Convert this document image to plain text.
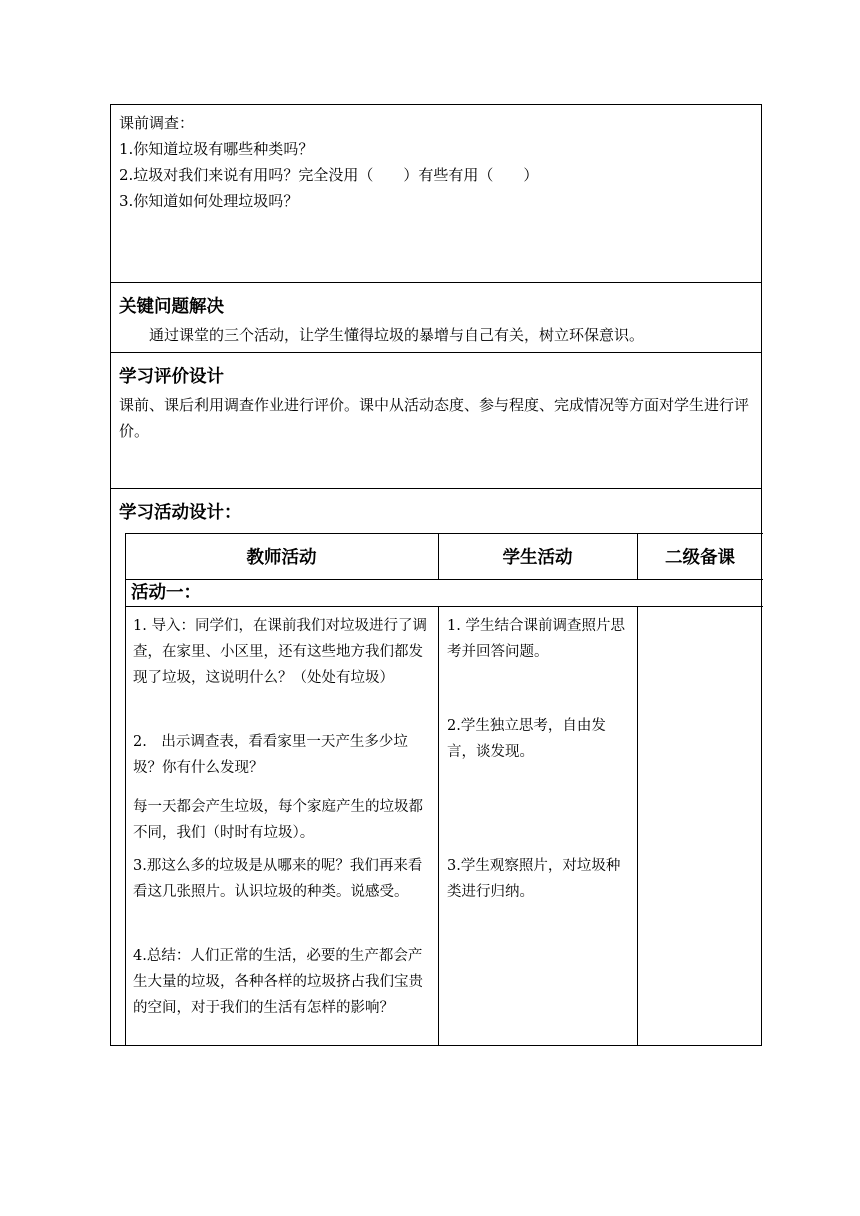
课前调查：
1.你知道垃圾有哪些种类吗？
2.垃圾对我们来说有用吗？完全没用（　　）有些有用（　　）
3.你知道如何处理垃圾吗？
关键问题解决
通过课堂的三个活动，让学生懂得垃圾的暴增与自己有关，树立环保意识。
学习评价设计
课前、课后利用调查作业进行评价。课中从活动态度、参与程度、完成情况等方面对学生进行评价。
学习活动设计：
教师活动	学生活动	二级备课
活动一：
1. 导入：同学们，在课前我们对垃圾进行了调查，在家里、小区里，还有这些地方我们都发现了垃圾，这说明什么？（处处有垃圾）
2.　出示调查表，看看家里一天产生多少垃圾？你有什么发现？
每一天都会产生垃圾，每个家庭产生的垃圾都不同，我们（时时有垃圾）。
3.那这么多的垃圾是从哪来的呢？我们再来看看这几张照片。认识垃圾的种类。说感受。
4.总结：人们正常的生活，必要的生产都会产生大量的垃圾，各种各样的垃圾挤占我们宝贵的空间，对于我们的生活有怎样的影响？
1. 学生结合课前调查照片思考并回答问题。
2.学生独立思考，自由发言，谈发现。
3.学生观察照片，对垃圾种类进行归纳。
